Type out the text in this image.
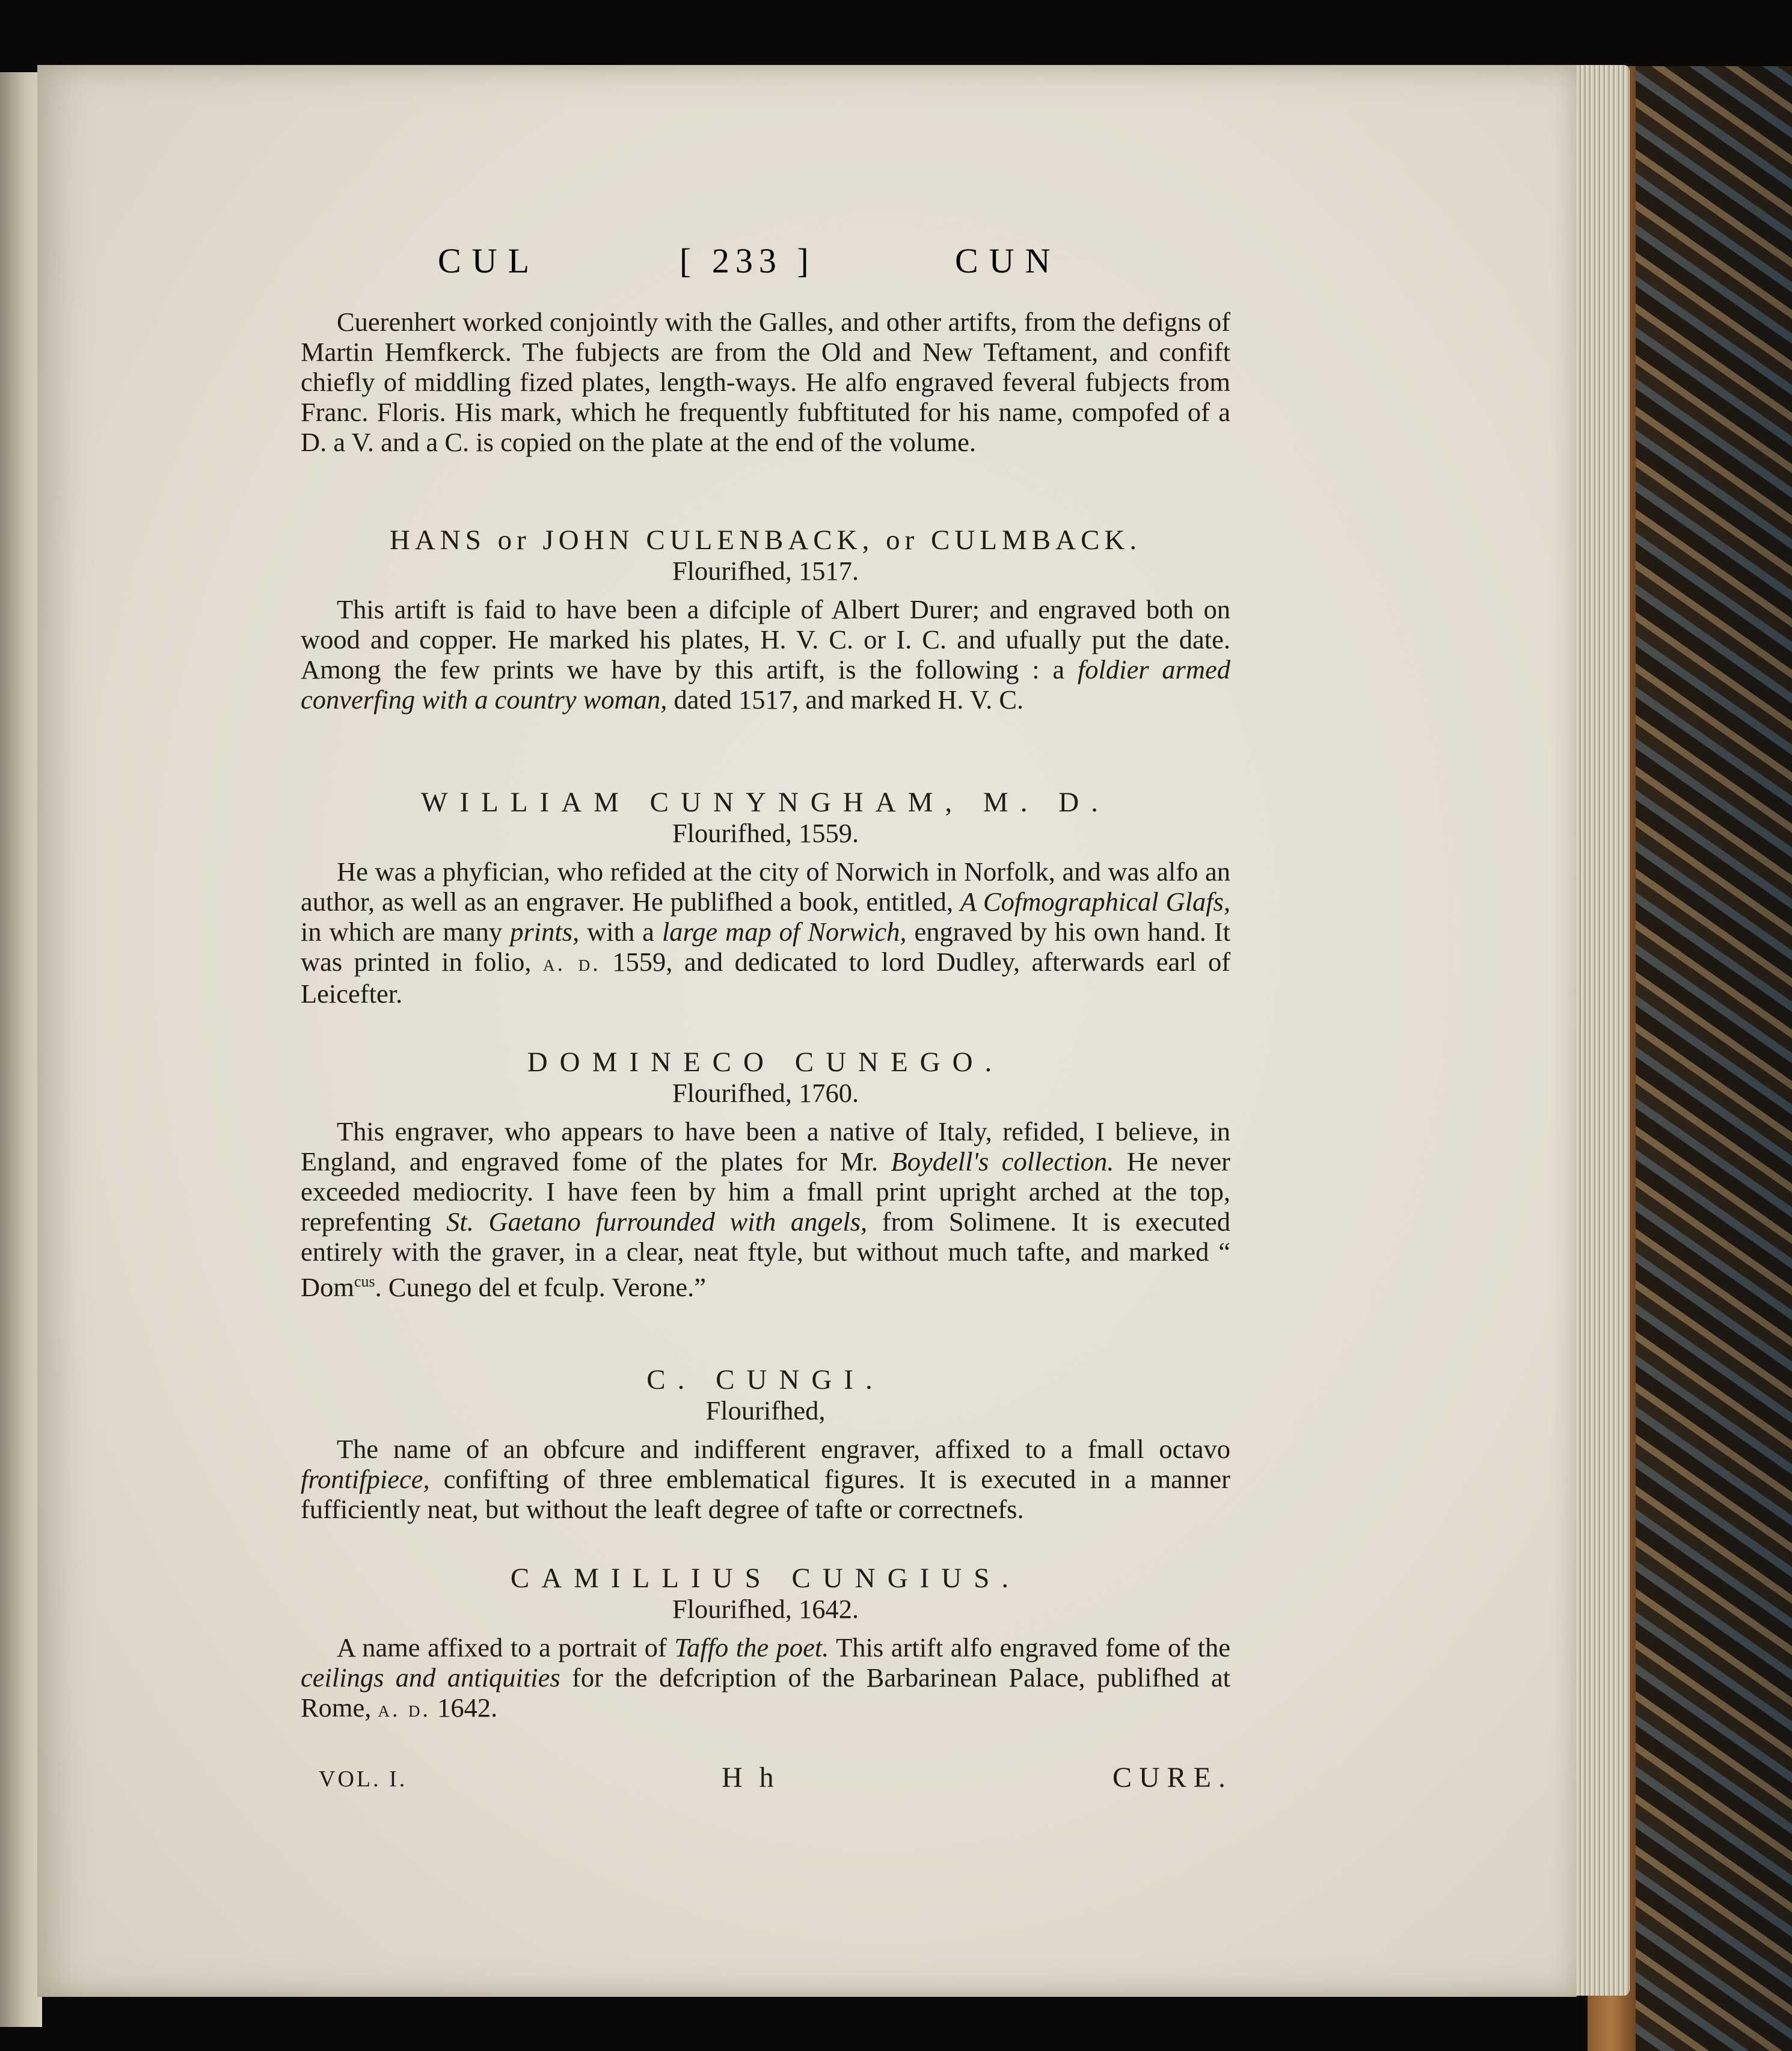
CUL	[ 233 ]	CUN

Cuerenhert worked conjointly with the Galles, and other artifts, from the defigns of Martin Hemfkerck. The fubjects are from the Old and New Teftament, and confift chiefly of middling fized plates, length-ways. He alfo engraved feveral fubjects from Franc. Floris. His mark, which he frequently fubftituted for his name, compofed of a D. a V. and a C. is copied on the plate at the end of the volume.

HANS or JOHN CULENBACK, or CULMBACK.

Flourifhed, 1517.

This artift is faid to have been a difciple of Albert Durer; and engraved both on wood and copper. He marked his plates, H. V. C. or I. C. and ufually put the date. Among the few prints we have by this artift, is the following : a foldier armed converfing with a country woman, dated 1517, and marked H. V. C.

WILLIAM CUNYNGHAM, M. D.

Flourifhed, 1559.

He was a phyfician, who refided at the city of Norwich in Norfolk, and was alfo an author, as well as an engraver. He publifhed a book, entitled, A Cofmographical Glafs, in which are many prints, with a large map of Norwich, engraved by his own hand. It was printed in folio, a. d. 1559, and dedicated to lord Dudley, afterwards earl of Leicefter.

DOMINECO CUNEGO.

Flourifhed, 1760.

This engraver, who appears to have been a native of Italy, refided, I believe, in England, and engraved fome of the plates for Mr. Boydell's collection. He never exceeded mediocrity. I have feen by him a fmall print upright arched at the top, reprefenting St. Gaetano furrounded with angels, from Solimene. It is executed entirely with the graver, in a clear, neat ftyle, but without much tafte, and marked “ Dom$^{cus}$. Cunego del et fculp. Verone.”

C. CUNGI.

Flourifhed,

The name of an obfcure and indifferent engraver, affixed to a fmall octavo frontifpiece, confifting of three emblematical figures. It is executed in a manner fufficiently neat, but without the leaft degree of tafte or correctnefs.

CAMILLIUS CUNGIUS.

Flourifhed, 1642.

A name affixed to a portrait of Taffo the poet. This artift alfo engraved fome of the ceilings and antiquities for the defcription of the Barbarinean Palace, publifhed at Rome, a. d. 1642.

VOL. I.	H h	CURE.
